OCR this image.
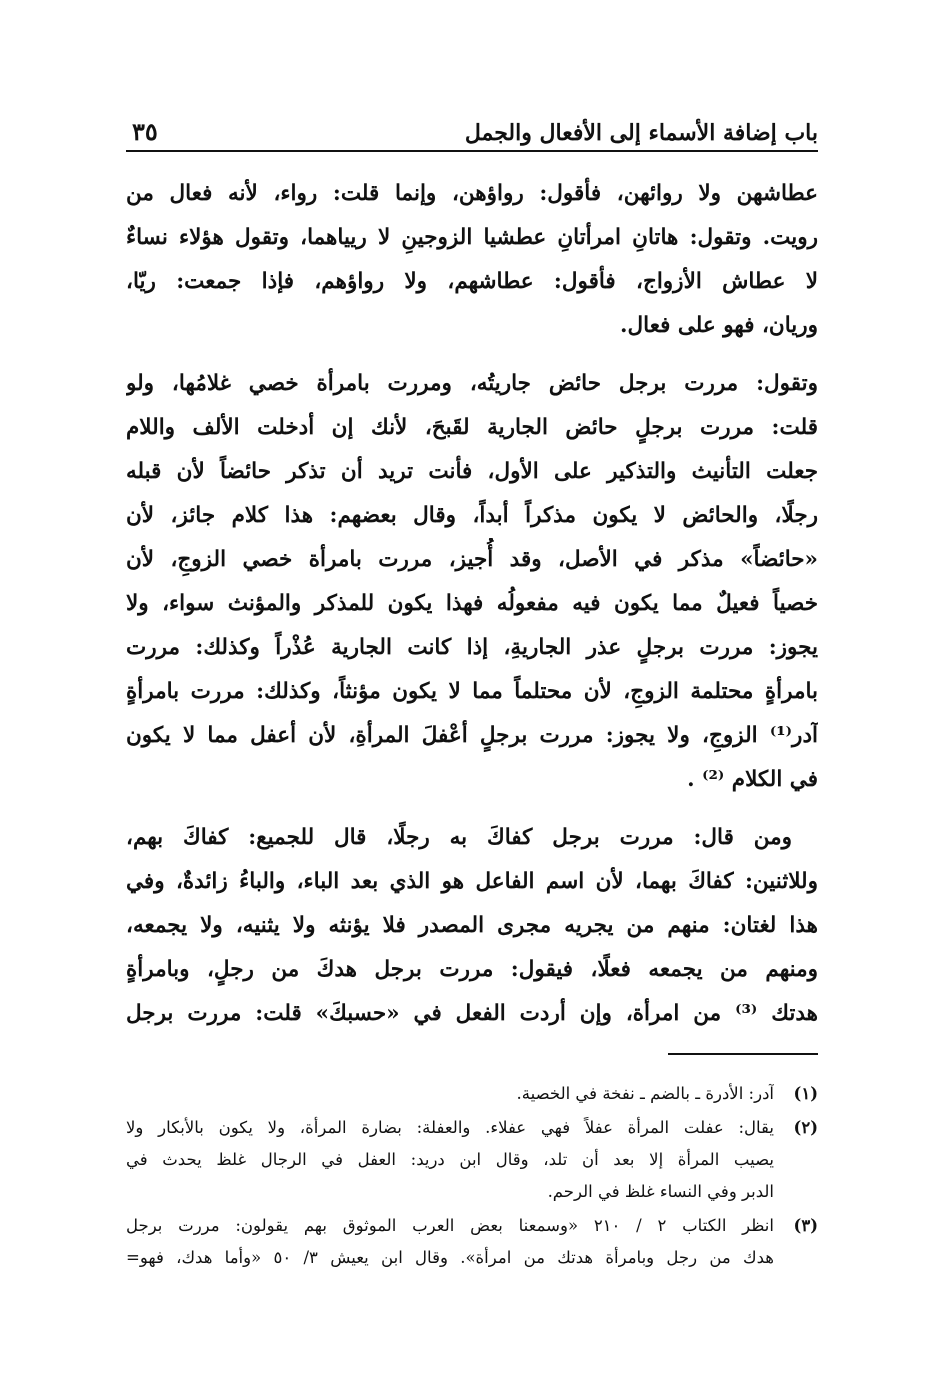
باب إضافة الأسماء إلى الأفعال والجمل
٣٥
عطاشهن ولا روائهن، فأقول: رواؤهن، وإنما قلت: رواء، لأنه فعال من
رويت. وتقول: هاتانِ امرأتانِ عطشيا الزوجينِ لا ريياهما، وتقول هؤلاء نساءٌ
لا عطاش الأزواج، فأقول: عطاشهم، ولا رواؤهم، فإذا جمعت: ريّا،
وريان، فهو على فعال.
وتقول: مررت برجل حائض جاريتُه، ومررت بامرأة خصي غلامُها، ولو
قلت: مررت برجلٍ حائض الجارية لقَبحَ، لأنك إن أدخلت الألف واللام
جعلت التأنيث والتذكير على الأول، فأنت تريد أن تذكر حائضاً لأن قبله
رجلًا، والحائض لا يكون مذكراً أبداً، وقال بعضهم: هذا كلام جائز، لأن
«حائضاً» مذكر في الأصل، وقد أُجيز، مررت بامرأة خصي الزوجِ، لأن
خصياً فعيلٌ مما يكون فيه مفعولُه فهذا يكون للمذكر والمؤنث سواء، ولا
يجوز: مررت برجلٍ عذر الجاريةِ، إذا كانت الجارية عُذْراً وكذلك: مررت
بامرأةٍ محتلمة الزوجِ، لأن محتلماً مما لا يكون مؤنثاً، وكذلك: مررت بامرأةٍ
آدر⁽¹⁾ الزوجِ، ولا يجوز: مررت برجلٍ أعْفلَ المرأةِ، لأن أعفل مما لا يكون
في الكلام ⁽²⁾ .
ومن قال: مررت برجل كفاكَ به رجلًا، قال للجميع: كفاكَ بهم،
وللاثنين: كفاكَ بهما، لأن اسم الفاعل هو الذي بعد الباء، والباءُ زائدةٌ، وفي
هذا لغتان: منهم من يجريه مجرى المصدر فلا يؤنثه ولا يثنيه، ولا يجمعه،
ومنهم من يجمعه فعلًا، فيقول: مررت برجل هدكَ من رجلٍ، وبامرأةٍ
هدتك ⁽³⁾ من امرأة، وإن أردت الفعل في «حسبكَ» قلت: مررت برجل
(١)
آدر: الأدرة ـ بالضم ـ نفخة في الخصية.
(٢)
يقال: عفلت المرأة عفلاً فهي عفلاء. والعفلة: بضارة المرأة، ولا يكون بالأبكار ولا
يصيب المرأة إلا بعد أن تلد، وقال ابن دريد: العفل في الرجال غلظ يحدث في
الدبر وفي النساء غلظ في الرحم.
(٣)
انظر الكتاب ٢ / ٢١٠ «وسمعنا بعض العرب الموثوق بهم يقولون: مررت برجل
هدك من رجل وبامرأة هدتك من امرأة». وقال ابن يعيش ٣/ ٥٠ «وأما هدك، فهو=
